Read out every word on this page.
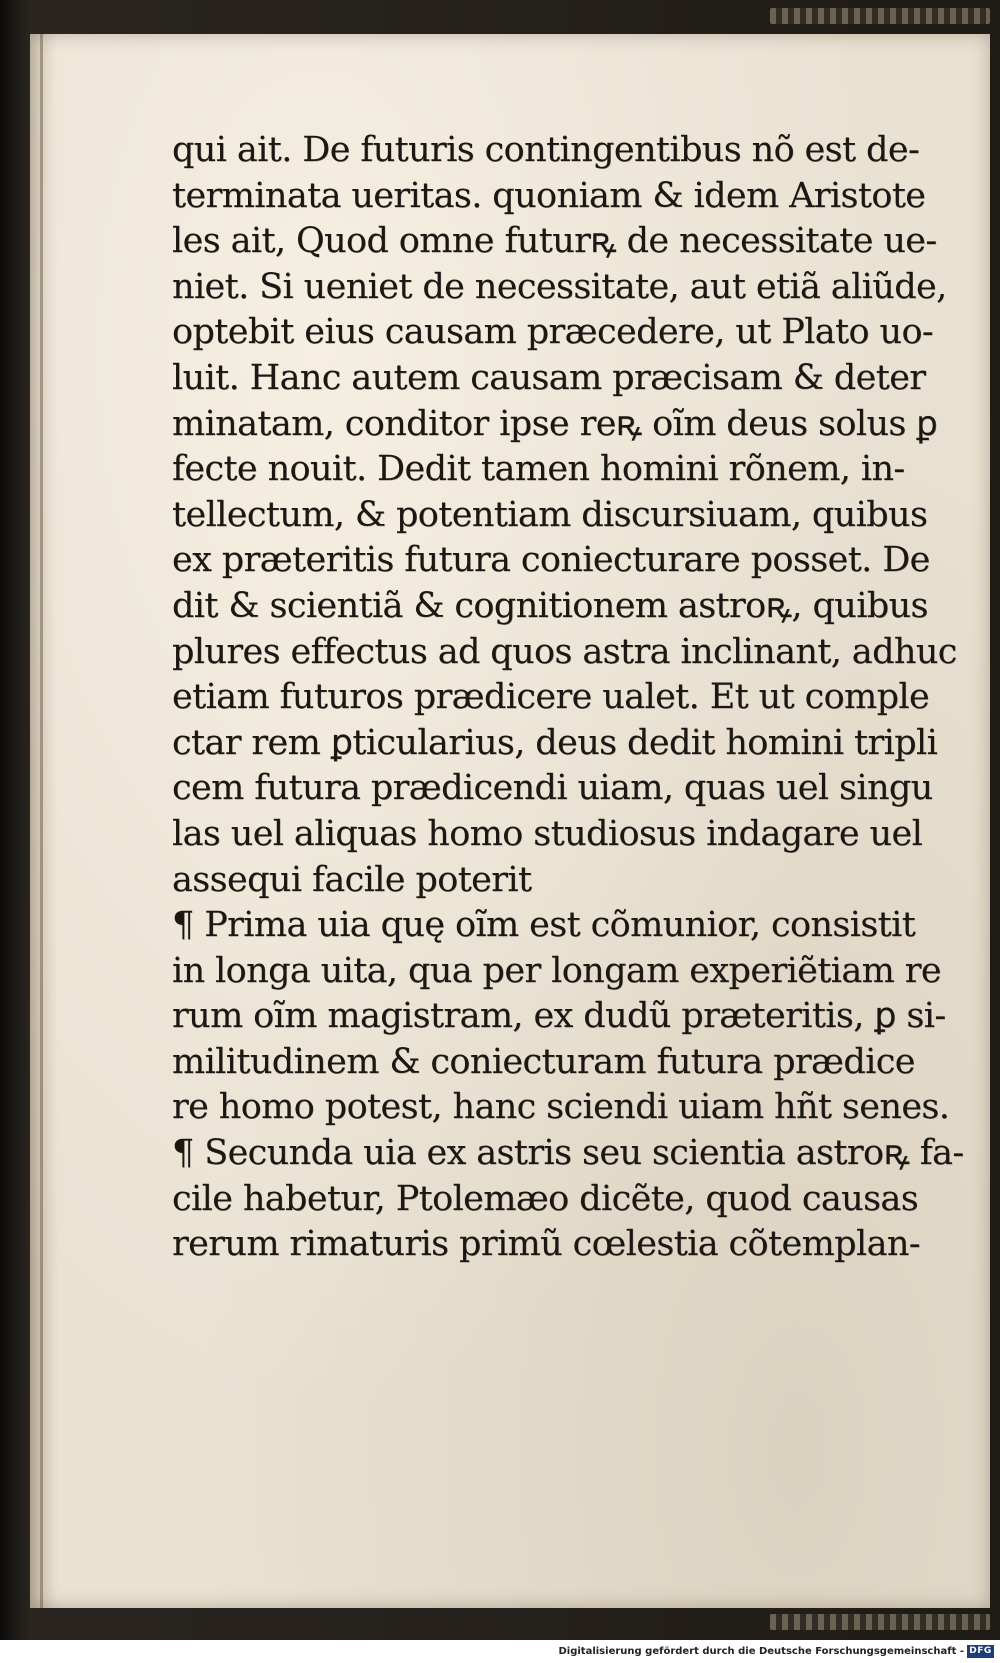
qui ait. De futuris contingentibus nõ est de-
terminata ueritas. quoniam & idem Aristote
les ait, Quod omne futurꝶ de necessitate ue-
niet. Si ueniet de necessitate, aut etiã aliũde,
optebit eius causam præcedere, ut Plato uo-
luit. Hanc autem causam præcisam & deter
minatam, conditor ipse reꝶ oĩm deus solus ꝑ
fecte nouit. Dedit tamen homini rõnem, in-
tellectum, & potentiam discursiuam, quibus
ex præteritis futura coniecturare posset. De
dit & scientiã & cognitionem astroꝶ, quibus
plures effectus ad quos astra inclinant, adhuc
etiam futuros prædicere ualet. Et ut comple
ctar rem ꝑticularius, deus dedit homini tripli
cem futura prædicendi uiam, quas uel singu
las uel aliquas homo studiosus indagare uel
assequi facile poterit
¶ Prima uia quę oĩm est cõmunior, consistit
in longa uita, qua per longam experiẽtiam re
rum oĩm magistram, ex dudũ præteritis, ꝑ si-
militudinem & coniecturam futura prædice
re homo potest, hanc sciendi uiam hñt senes.
¶ Secunda uia ex astris seu scientia astroꝶ fa-
cile habetur, Ptolemæo dicẽte, quod causas
rerum rimaturis primũ cœlestia cõtemplan-
Digitalisierung gefördert durch die Deutsche Forschungsgemeinschaft - DFG
